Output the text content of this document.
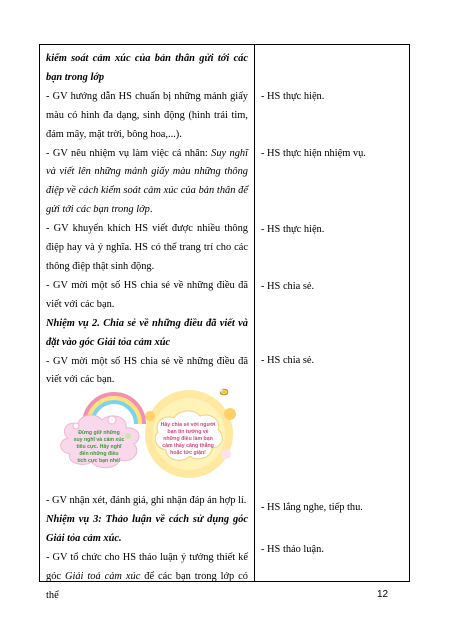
kiểm soát cảm xúc của bản thân gửi tới các bạn trong lớp

- GV hướng dẫn HS chuẩn bị những mảnh giấy màu có hình đa dạng, sinh động (hình trái tim, đám mây, mặt trời, bông hoa,...).

- GV nêu nhiệm vụ làm việc cá nhân: Suy nghĩ và viết lên những mảnh giấy màu những thông điệp về cách kiểm soát cảm xúc của bản thân để gửi tới các bạn trong lớp.

- GV khuyến khích HS viết được nhiều thông điệp hay và ý nghĩa. HS có thể trang trí cho các thông điệp thật sinh động.

- GV mời một số HS chia sẻ về những điều đã viết với các bạn.

Nhiệm vụ 2. Chia sẻ về những điều đã viết và đặt vào góc Giải tỏa cảm xúc

- GV mời một số HS chia sẻ về những điều đã viết với các bạn.

Đừng giữ những
suy nghĩ và cảm xúc
tiêu cực. Hãy nghĩ
đến những điều
tích cực bạn nhé!
Hãy chia sẻ với người
bạn tin tưởng về
những điều làm bạn
cảm thấy căng thẳng
hoặc tức giận!

- GV nhận xét, đánh giá, ghi nhận đáp án hợp lí.

Nhiệm vụ 3: Thảo luận về cách sử dụng góc Giải tỏa cảm xúc.

- GV tổ chức cho HS thảo luận ý tưởng thiết kế góc Giải toả cảm xúc để các bạn trong lớp có thể

- HS thực hiện.
- HS thực hiện nhiệm vụ.
- HS thực hiện.
- HS chia sẻ.
- HS chia sẻ.
- HS lắng nghe, tiếp thu.
- HS thảo luận.
12
